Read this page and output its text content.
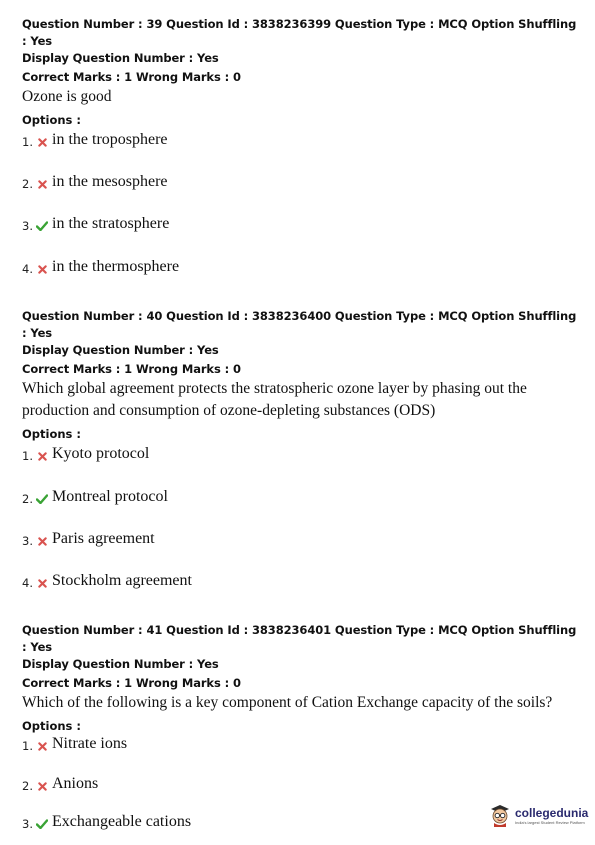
Question Number : 39 Question Id : 3838236399 Question Type : MCQ Option Shuffling : Yes
Display Question Number : Yes
Correct Marks : 1 Wrong Marks : 0
Ozone is good
Options :
1. in the troposphere
2. in the mesosphere
3. in the stratosphere
4. in the thermosphere
Question Number : 40 Question Id : 3838236400 Question Type : MCQ Option Shuffling : Yes
Display Question Number : Yes
Correct Marks : 1 Wrong Marks : 0
Which global agreement protects the stratospheric ozone layer by phasing out the
production and consumption of ozone-depleting substances (ODS)
Options :
1. Kyoto protocol
2. Montreal protocol
3. Paris agreement
4. Stockholm agreement
Question Number : 41 Question Id : 3838236401 Question Type : MCQ Option Shuffling : Yes
Display Question Number : Yes
Correct Marks : 1 Wrong Marks : 0
Which of the following is a key component of Cation Exchange capacity of the soils?
Options :
1. Nitrate ions
2. Anions
3. Exchangeable cations
collegedunia
India's largest Student Review Platform
